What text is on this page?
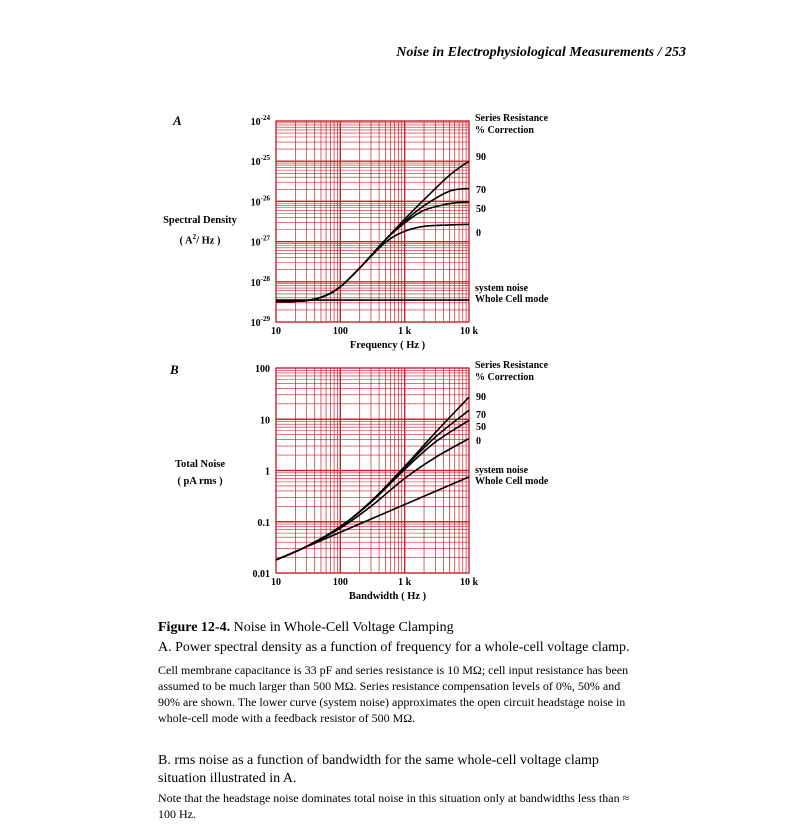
Noise in Electrophysiological Measurements / 253
A
Spectral Density
( $A^2/$ Hz )
B
Total Noise
( pA rms )
$10^{-24}$
$10^{-25}$
$10^{-26}$
$10^{-27}$
$10^{-28}$
$10^{-29}$
10	100	1 k	10 k
Frequency ( Hz )
Series Resistance
% Correction
90
70
50
0
system noise
Whole Cell mode
100
10
1
0.1
0.01
10	100	1 k	10 k
Bandwidth ( Hz )
Series Resistance
% Correction
90
70
50
0
system noise
Whole Cell mode
Figure 12-4. Noise in Whole-Cell Voltage Clamping
A. Power spectral density as a function of frequency for a whole-cell voltage clamp.
Cell membrane capacitance is 33 pF and series resistance is 10 MΩ; cell input resistance has been assumed to be much larger than 500 MΩ. Series resistance compensation levels of 0%, 50% and 90% are shown. The lower curve (system noise) approximates the open circuit headstage noise in whole-cell mode with a feedback resistor of 500 MΩ.
B. rms noise as a function of bandwidth for the same whole-cell voltage clamp situation illustrated in A.
Note that the headstage noise dominates total noise in this situation only at bandwidths less than ≈ 100 Hz.
